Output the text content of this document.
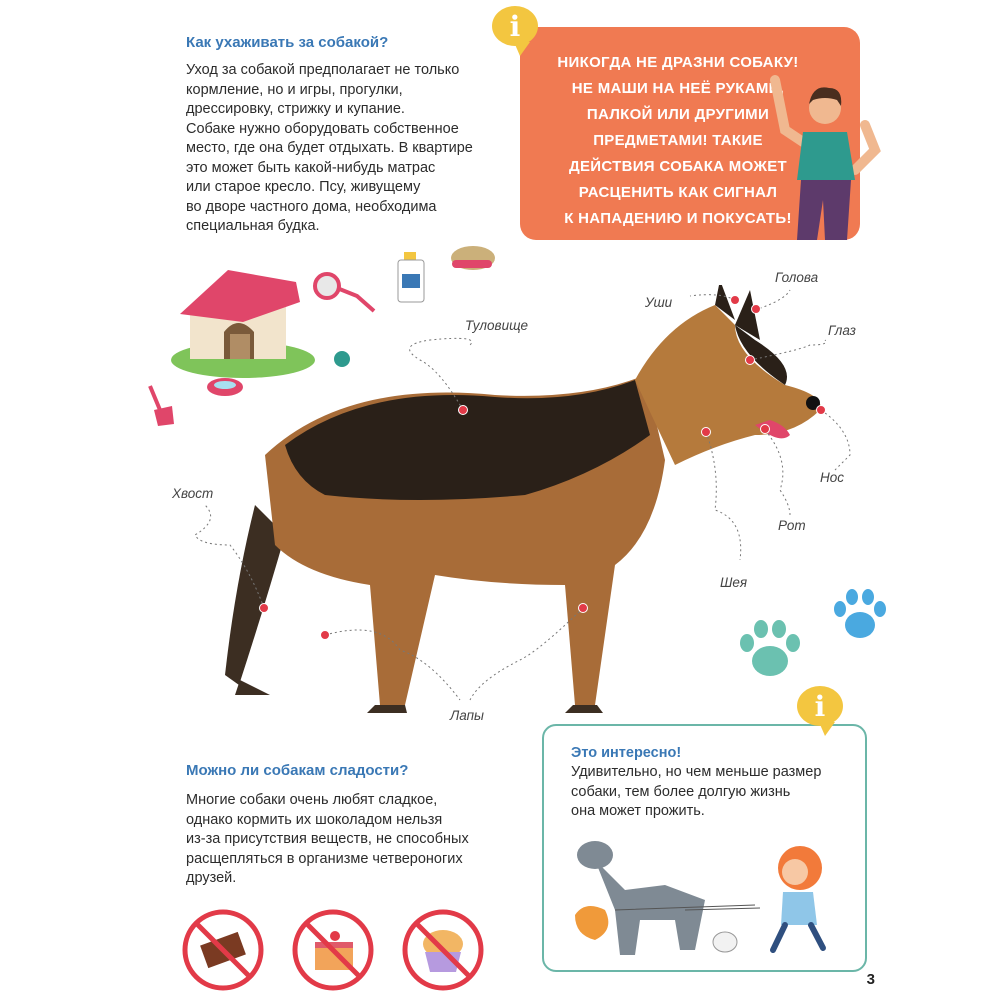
Как ухаживать за собакой?

Уход за собакой предполагает не только
кормление, но и игры, прогулки,
дрессировку, стрижку и купание.
Собаке нужно оборудовать собственное
место, где она будет отдыхать. В квартире
это может быть какой-нибудь матрас
или старое кресло. Псу, живущему
во дворе частного дома, необходима
специальная будка.
i
НИКОГДА НЕ ДРАЗНИ СОБАКУ!
НЕ МАШИ НА НЕЁ РУКАМИ,
ПАЛКОЙ ИЛИ ДРУГИМИ
ПРЕДМЕТАМИ! ТАКИЕ
ДЕЙСТВИЯ СОБАКА МОЖЕТ
РАСЦЕНИТЬ КАК СИГНАЛ
К НАПАДЕНИЮ И ПОКУСАТЬ!
Туловище
Уши
Голова
Глаз
Нос
Рот
Шея
Хвост
Лапы

Можно ли собакам сладости?

Многие собаки очень любят сладкое,
однако кормить их шоколадом нельзя
из-за присутствия веществ, не способных
расщепляться в организме четвероногих
друзей.
i
Это интересно!
Удивительно, но чем меньше размер
собаки, тем более долгую жизнь
она может прожить.
3
